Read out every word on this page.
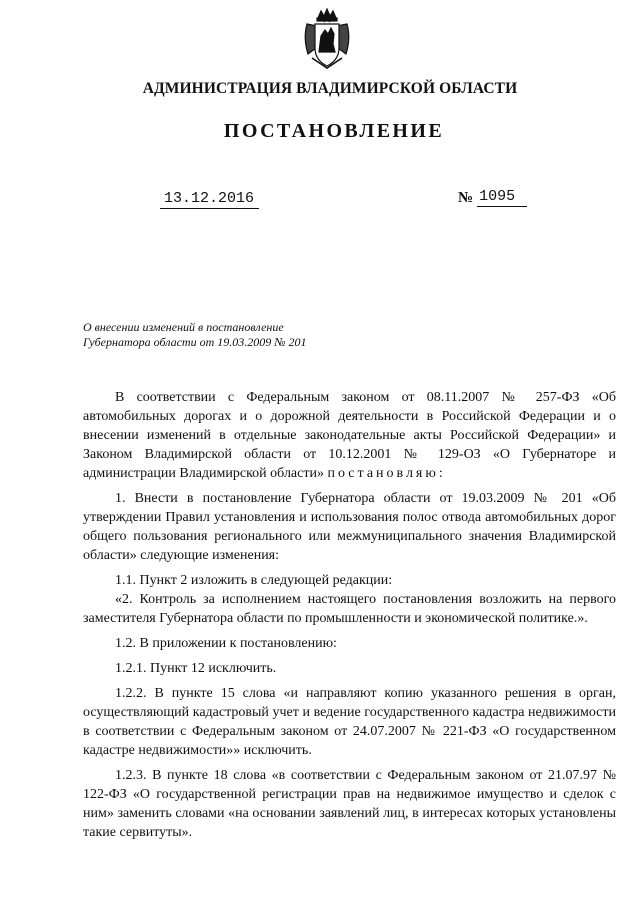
АДМИНИСТРАЦИЯ ВЛАДИМИРСКОЙ ОБЛАСТИ
ПОСТАНОВЛЕНИЕ
13.12.2016	№ 1095
О внесении изменений в постановление
Губернатора области от 19.03.2009 № 201

В соответствии с Федеральным законом от 08.11.2007 № 257-ФЗ «Об автомобильных дорогах и о дорожной деятельности в Российской Федерации и о внесении изменений в отдельные законодательные акты Российской Федерации» и Законом Владимирской области от 10.12.2001 № 129-ОЗ «О Губернаторе и администрации Владимирской области» постановляю:

1. Внести в постановление Губернатора области от 19.03.2009 № 201 «Об утверждении Правил установления и использования полос отвода автомобильных дорог общего пользования регионального или межмуниципального значения Владимирской области» следующие изменения:

1.1. Пункт 2 изложить в следующей редакции:

«2. Контроль за исполнением настоящего постановления возложить на первого заместителя Губернатора области по промышленности и экономической политике.».

1.2. В приложении к постановлению:

1.2.1. Пункт 12 исключить.

1.2.2. В пункте 15 слова «и направляют копию указанного решения в орган, осуществляющий кадастровый учет и ведение государственного кадастра недвижимости в соответствии с Федеральным законом от 24.07.2007 № 221-ФЗ «О государственном кадастре недвижимости»» исключить.

1.2.3. В пункте 18 слова «в соответствии с Федеральным законом от 21.07.97 № 122-ФЗ «О государственной регистрации прав на недвижимое имущество и сделок с ним» заменить словами «на основании заявлений лиц, в интересах которых установлены такие сервитуты».
